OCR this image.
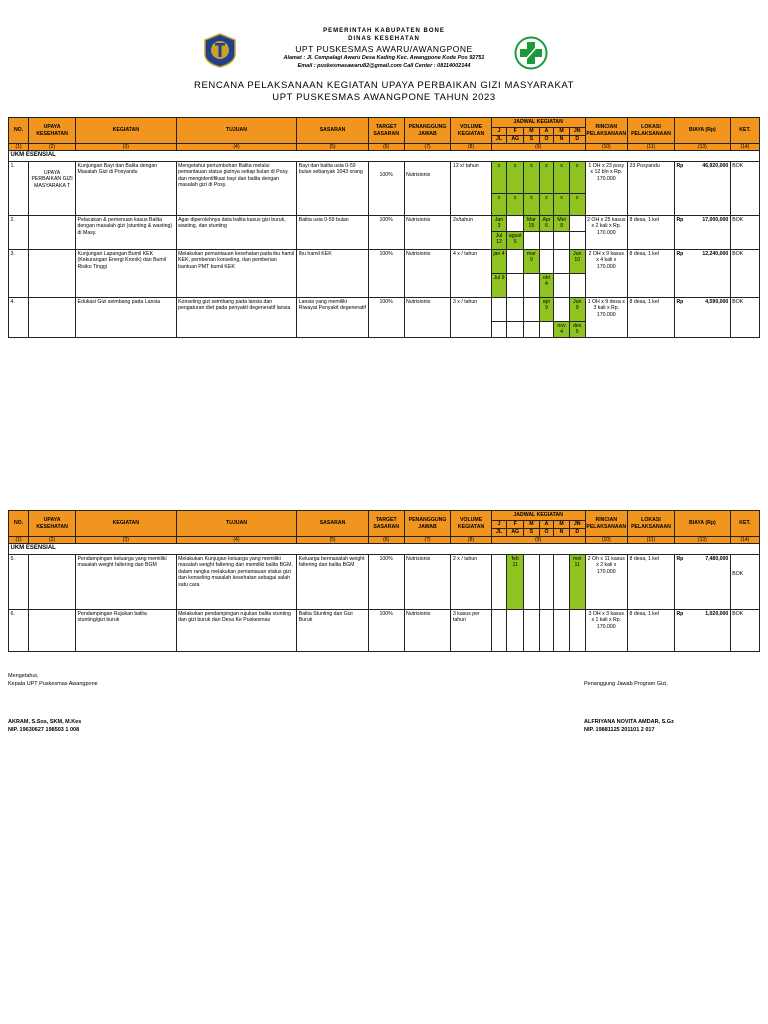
PEMERINTAH KABUPATEN BONE
DINAS KESEHATAN
UPT PUSKESMAS AWARU/AWANGPONE
Alamat : Jl. Cempalagi Awaru Desa Kading Kec. Awangpone Kode Pos 92751
Email : puskesmasawaru82@gmail.com Call Center : 08114002144
RENCANA PELAKSANAAN KEGIATAN UPAYA PERBAIKAN GIZI MASYARAKAT
UPT PUSKESMAS AWANGPONE TAHUN 2023
NO.	UPAYA KESEHATAN	KEGIATAN	TUJUAN	SASARAN	TARGET SASARAN	PENANGGUNG JAWAB	VOLUME KEGIATAN	JADWAL KEGIATAN						RINCIAN PELAKSANAAN	LOKASI PELAKSANAAN	BIAYA (Rp)	KET.
								J	F	M	A	M	JN				
								JL	AG	S	O	N	D				
(1)	(2)	(3)	(4)	(5)	(6)	(7)	(8)	(9)						(10)	(11)	(13)	(14)
UKM ESENSIAL																	
1.	UPAYA PERBAIKAN GIZI MASYARAKA T	Kunjungan Bayi dan Balita dengan Masalah Gizi di Posyandu	Mengetahui pertumbuhan Balita melalui pemantauan status gizinya setiap bulan di Posy. dan mengidentifikasi bayi dan balita dengan masalah gizi di Posy.	Bayi dan balita usia 0-59 bulan sebanyak 1043 orang	100%	Nutrisionis	12 x/ tahun	x	x	x	x	x	x	1 OH x 23 posy x 12 bln x Rp. 170.000	23 Posyandu	Rp 46,920,000	BOK
								x	x	x	x	x	x				
2.		Pelacakan & pemenuan kasus Balita dengan masalah gizi (stunting & wasting) di Masy.	Agar diperolehnya data balita kasus gizi buruk, wasting, dan stunting	Balita usia 0-59 bulan	100%	Nutrisionis	2x/tahun	Jan 3		Mar 15	Apr 6	Mei 9		2 OH x 25 kasus x 2 kali x Rp. 170.000	8 desa, 1 kel	Rp 17,000,000	BOK
								Jul 12	agust 5								
3.		Kunjungan Lapangan Bumil KEK (Kekurangan Energi Kronik) dan Bumil Risiko Tinggi	Melakukan pemantauan kesehatan pada ibu hamil KEK, pemberian konseling, dan pemberian bantuan PMT bumil KEK	Ibu hamil KEK	100%	Nutrisionis	4 x / tahun	jan 4		mar 9			Jun 10	2 OH x 9 kasus x 4 kali x 170.000	8 desa, 1 kel	Rp 12,240,000	BOK
								Jul 9			okt 4						
4.		Edukasi Gizi seimbang pada Lansia	Konseling gizi seimbang pada lansia dan pengaturan diet pada penyakit degeneratif lansia	Lansia yang memiliki Riwayat Penyakit degeneratif	100%	Nutrisionis	3 x / tahun				apr 9		Jun 9	1 OH x 9 desa x 3 kali x Rp. 170.000	8 desa, 1 kel	Rp 4,590,000	BOK
												nov 4	des 5				
NO.	UPAYA KESEHATAN	KEGIATAN	TUJUAN	SASARAN	TARGET SASARAN	PENANGGUNG JAWAB	VOLUME KEGIATAN	JADWAL KEGIATAN						RINCIAN PELAKSANAAN	LOKASI PELAKSANAAN	BIAYA (Rp)	KET.
								J	F	M	A	M	JN				
								JL	AG	S	O	N	D				
(1)	(2)	(3)	(4)	(5)	(6)	(7)	(8)	(9)						(10)	(11)	(13)	(14)
UKM ESENSIAL																	
5.		Pendampingan keluarga yang memiliki masalah weight faltering dan BGM	Melakukan Kunjugan keluarga yang memiliki masalah weight faltering dan memiliki balita BGM, dalam rangka melakukan pemantauan status gizi dan konseling masalah kesehatan sebagai salah satu cara	Keluarga bermasalah weight faltering dan balita BGM	100%	Nutrisionis	2 x / tahun		feb 11				mei 11	2 Oh x 11 kasus x 2 kali x 170.000	8 desa, 1 kel	Rp 7,480,000	BOK
6.		Pendampingan Rujukan balita stunting/gizi buruk	Melakukan pendampingan rujukan balita stunting dan gizi buruk dari Desa Ke Puskesmas	Balita Stunting dan Gizi Buruk	100%	Nutrisionis	3 kasus per tahun							3 OH x 3 kasus x 1 kali x Rp. 170.000	8 desa, 1 kel	Rp 1,020,000	BOK
Mengetahui,
Kepala UPT Puskesmas Awangpone
AKRAM, S.Sos, SKM, M.Kes
NIP. 19630627 198503 1 008
Penanggung Jawab Program Gizi,
ALFRIYANA NOVITA AMDAR, S.Gz
NIP. 19881125 201101 2 017
